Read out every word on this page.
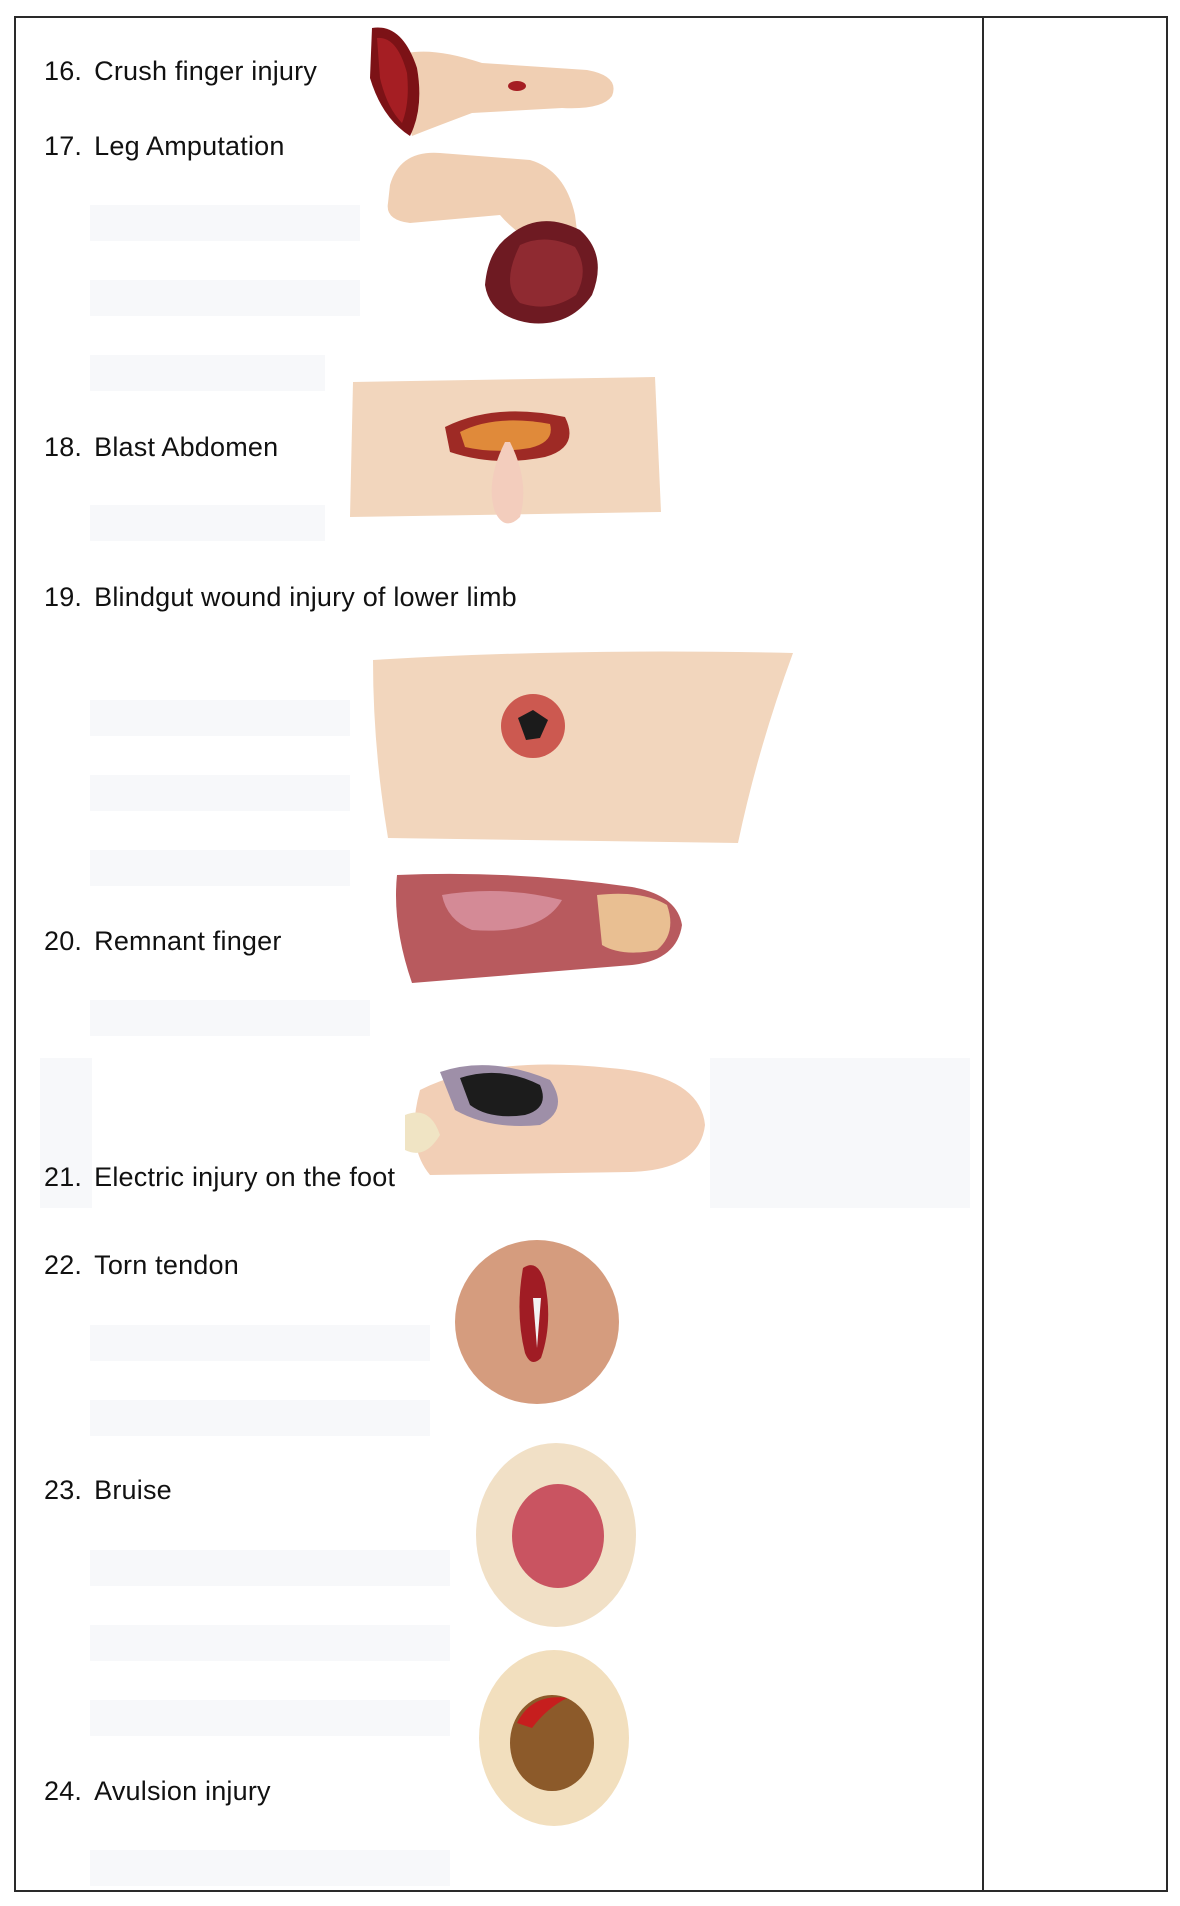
16. Crush finger injury
17. Leg Amputation
18. Blast Abdomen
19. Blindgut wound injury of lower limb
20. Remnant finger
21. Electric injury on the foot
22. Torn tendon
23. Bruise
24. Avulsion injury
